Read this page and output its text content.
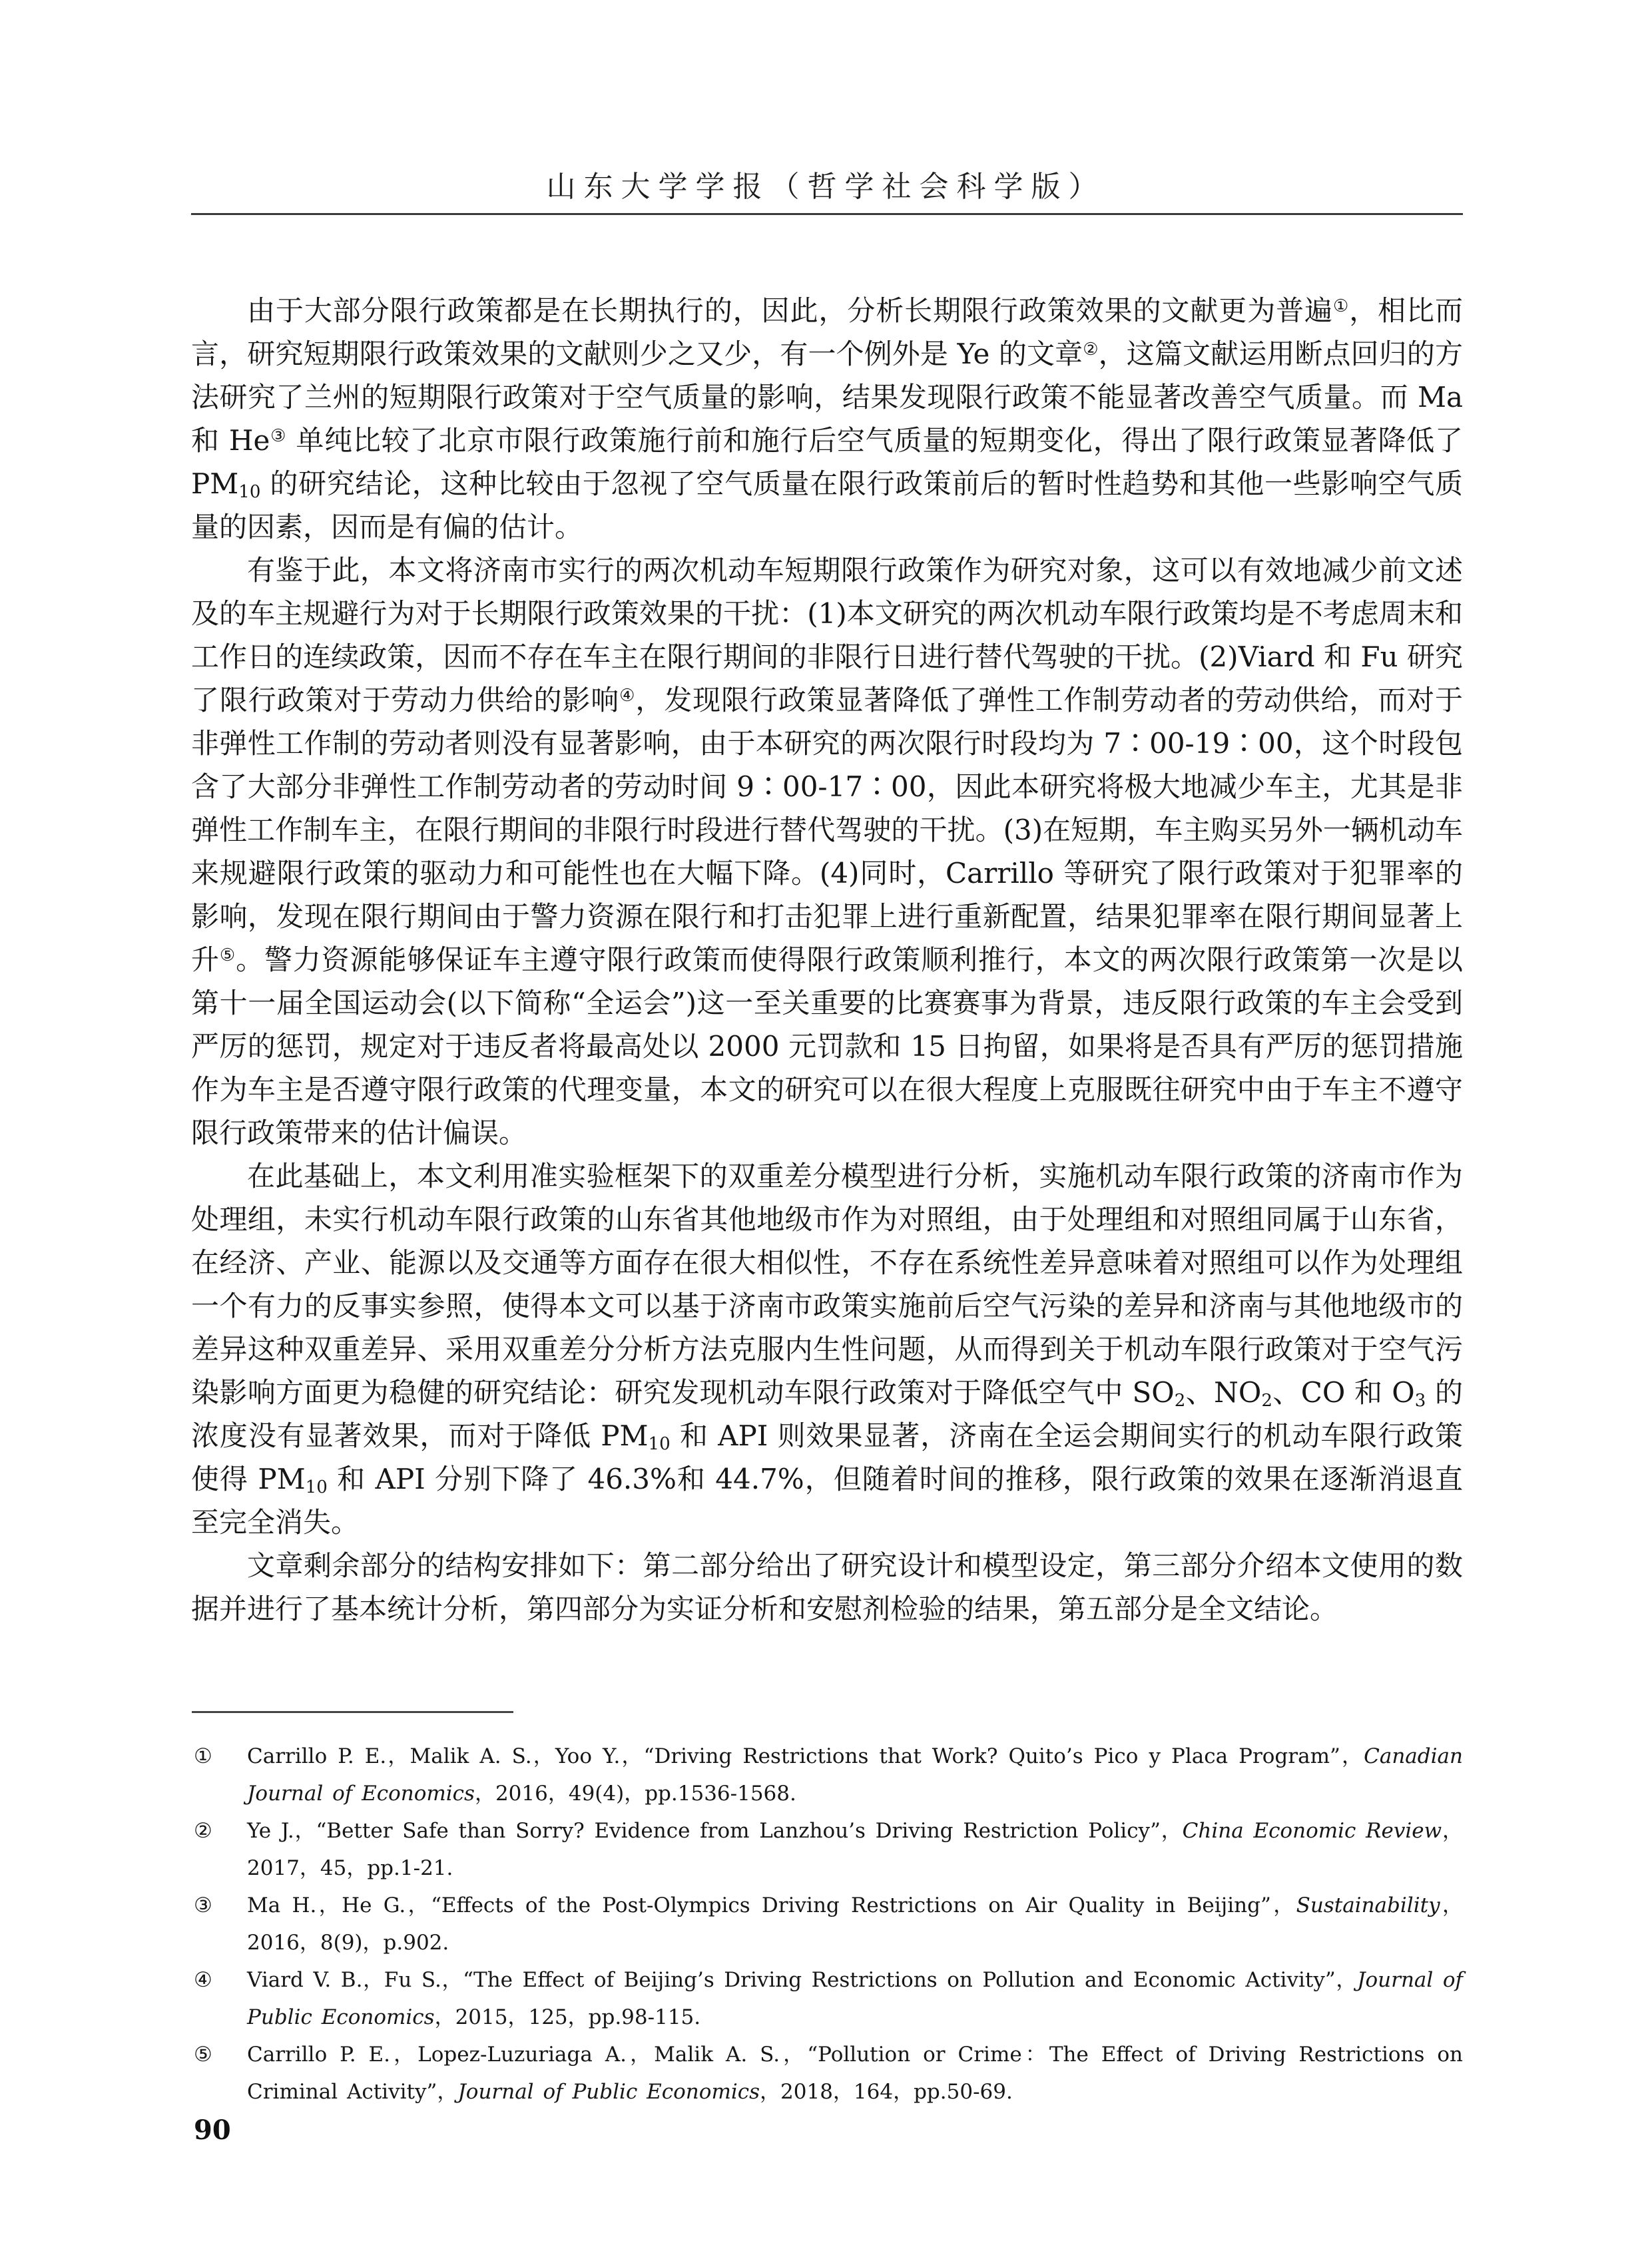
山东大学学报（哲学社会科学版）

由于大部分限行政策都是在长期执行的，因此，分析长期限行政策效果的文献更为普遍①，相比而言，研究短期限行政策效果的文献则少之又少，有一个例外是 Ye 的文章②，这篇文献运用断点回归的方法研究了兰州的短期限行政策对于空气质量的影响，结果发现限行政策不能显著改善空气质量。而 Ma 和 He③ 单纯比较了北京市限行政策施行前和施行后空气质量的短期变化，得出了限行政策显著降低了 $PM_{10}$ 的研究结论，这种比较由于忽视了空气质量在限行政策前后的暂时性趋势和其他一些影响空气质量的因素，因而是有偏的估计。

有鉴于此，本文将济南市实行的两次机动车短期限行政策作为研究对象，这可以有效地减少前文述及的车主规避行为对于长期限行政策效果的干扰：(1)本文研究的两次机动车限行政策均是不考虑周末和工作日的连续政策，因而不存在车主在限行期间的非限行日进行替代驾驶的干扰。(2)Viard 和 Fu 研究了限行政策对于劳动力供给的影响④，发现限行政策显著降低了弹性工作制劳动者的劳动供给，而对于非弹性工作制的劳动者则没有显著影响，由于本研究的两次限行时段均为 7∶00-19∶00，这个时段包含了大部分非弹性工作制劳动者的劳动时间 9∶00-17∶00，因此本研究将极大地减少车主，尤其是非弹性工作制车主，在限行期间的非限行时段进行替代驾驶的干扰。(3)在短期，车主购买另外一辆机动车来规避限行政策的驱动力和可能性也在大幅下降。(4)同时，Carrillo 等研究了限行政策对于犯罪率的影响，发现在限行期间由于警力资源在限行和打击犯罪上进行重新配置，结果犯罪率在限行期间显著上升⑤。警力资源能够保证车主遵守限行政策而使得限行政策顺利推行，本文的两次限行政策第一次是以第十一届全国运动会(以下简称“全运会”)这一至关重要的比赛赛事为背景，违反限行政策的车主会受到严厉的惩罚，规定对于违反者将最高处以 2000 元罚款和 15 日拘留，如果将是否具有严厉的惩罚措施作为车主是否遵守限行政策的代理变量，本文的研究可以在很大程度上克服既往研究中由于车主不遵守限行政策带来的估计偏误。

在此基础上，本文利用准实验框架下的双重差分模型进行分析，实施机动车限行政策的济南市作为处理组，未实行机动车限行政策的山东省其他地级市作为对照组，由于处理组和对照组同属于山东省，在经济、产业、能源以及交通等方面存在很大相似性，不存在系统性差异意味着对照组可以作为处理组一个有力的反事实参照，使得本文可以基于济南市政策实施前后空气污染的差异和济南与其他地级市的差异这种双重差异、采用双重差分分析方法克服内生性问题，从而得到关于机动车限行政策对于空气污染影响方面更为稳健的研究结论：研究发现机动车限行政策对于降低空气中 $SO_2$、$NO_2$、CO 和 $O_3$ 的浓度没有显著效果，而对于降低 $PM_{10}$ 和 API 则效果显著，济南在全运会期间实行的机动车限行政策使得 $PM_{10}$ 和 API 分别下降了 46.3%和 44.7%，但随着时间的推移，限行政策的效果在逐渐消退直至完全消失。

文章剩余部分的结构安排如下：第二部分给出了研究设计和模型设定，第三部分介绍本文使用的数据并进行了基本统计分析，第四部分为实证分析和安慰剂检验的结果，第五部分是全文结论。

① Carrillo P. E.，Malik A. S.，Yoo Y.，“Driving Restrictions that Work? Quito’s Pico y Placa Program”，Canadian Journal of Economics，2016，49(4)，pp.1536-1568.
② Ye J.，“Better Safe than Sorry? Evidence from Lanzhou’s Driving Restriction Policy”，China Economic Review，2017，45，pp.1-21.
③ Ma H.，He G.，“Effects of the Post-Olympics Driving Restrictions on Air Quality in Beijing”，Sustainability，2016，8(9)，p.902.
④ Viard V. B.，Fu S.，“The Effect of Beijing’s Driving Restrictions on Pollution and Economic Activity”，Journal of Public Economics，2015，125，pp.98-115.
⑤ Carrillo P. E.，Lopez-Luzuriaga A.，Malik A. S.，“Pollution or Crime：The Effect of Driving Restrictions on Criminal Activity”，Journal of Public Economics，2018，164，pp.50-69.
90
